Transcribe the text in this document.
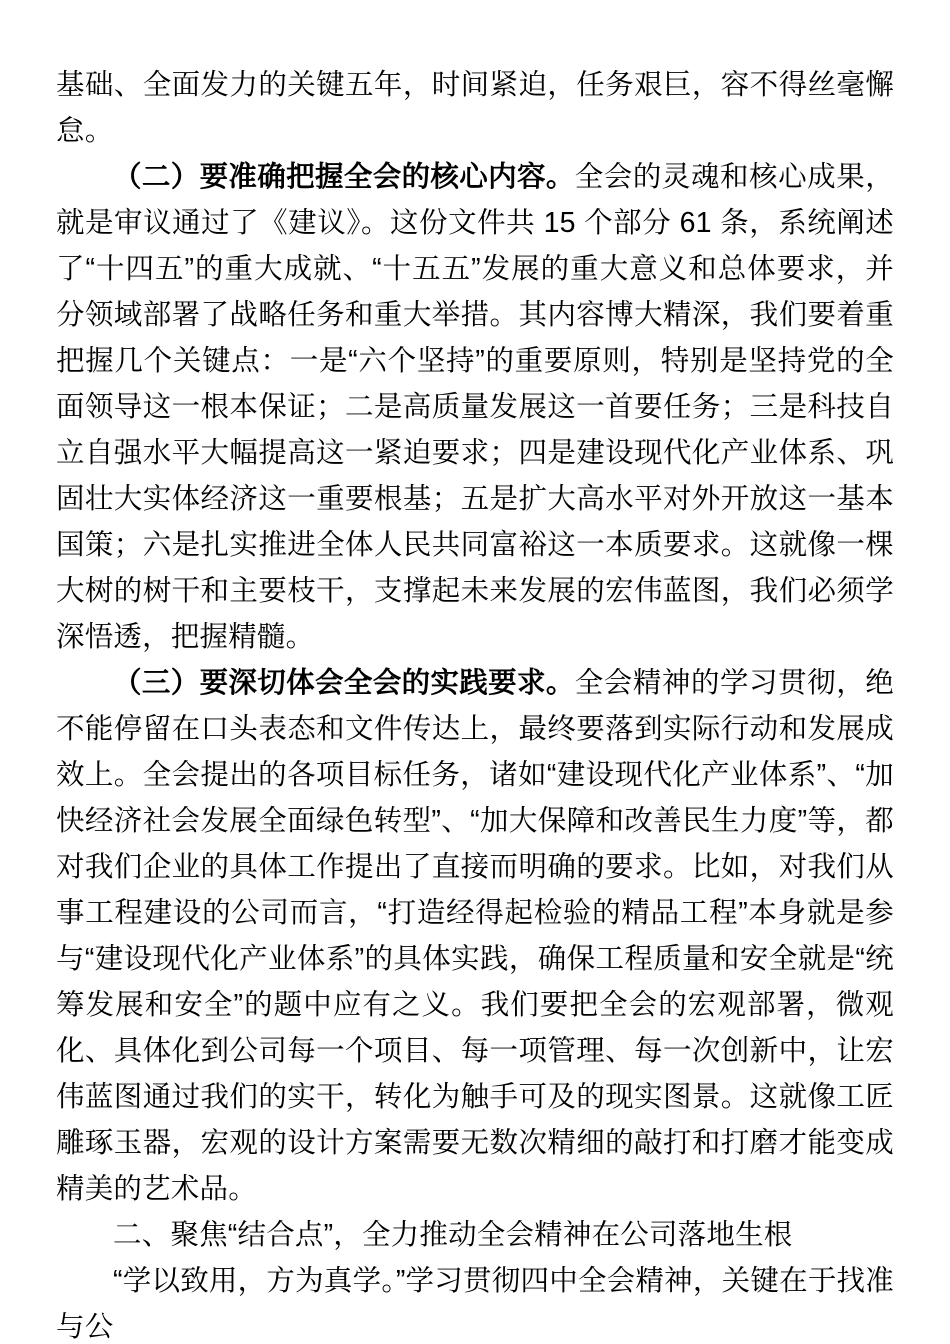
基础、全面发力的关键五年，时间紧迫，任务艰巨，容不得丝毫懈怠。

（二）要准确把握全会的核心内容。全会的灵魂和核心成果，就是审议通过了《建议》。这份文件共 15 个部分 61 条，系统阐述了“十四五”的重大成就、“十五五”发展的重大意义和总体要求，并分领域部署了战略任务和重大举措。其内容博大精深，我们要着重把握几个关键点：一是“六个坚持”的重要原则，特别是坚持党的全面领导这一根本保证；二是高质量发展这一首要任务；三是科技自立自强水平大幅提高这一紧迫要求；四是建设现代化产业体系、巩固壮大实体经济这一重要根基；五是扩大高水平对外开放这一基本国策；六是扎实推进全体人民共同富裕这一本质要求。这就像一棵大树的树干和主要枝干，支撑起未来发展的宏伟蓝图，我们必须学深悟透，把握精髓。

（三）要深切体会全会的实践要求。全会精神的学习贯彻，绝不能停留在口头表态和文件传达上，最终要落到实际行动和发展成效上。全会提出的各项目标任务，诸如“建设现代化产业体系”、“加快经济社会发展全面绿色转型”、“加大保障和改善民生力度”等，都对我们企业的具体工作提出了直接而明确的要求。比如，对我们从事工程建设的公司而言，“打造经得起检验的精品工程”本身就是参与“建设现代化产业体系”的具体实践，确保工程质量和安全就是“统筹发展和安全”的题中应有之义。我们要把全会的宏观部署，微观化、具体化到公司每一个项目、每一项管理、每一次创新中，让宏伟蓝图通过我们的实干，转化为触手可及的现实图景。这就像工匠雕琢玉器，宏观的设计方案需要无数次精细的敲打和打磨才能变成精美的艺术品。

二、聚焦“结合点”，全力推动全会精神在公司落地生根

“学以致用，方为真学。”学习贯彻四中全会精神，关键在于找准与公
